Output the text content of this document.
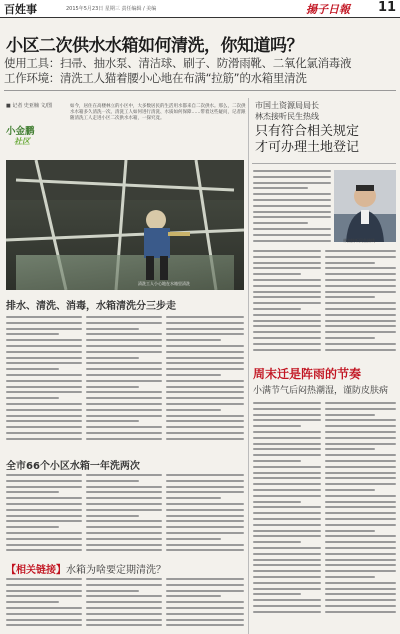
百姓事	2015年5月23日 星期三 责任编辑 / 美编	揚子日報 11
小区二次供水水箱如何清洗，你知道吗？
使用工具：扫帚、抽水泵、清洁球、刷子、防滑雨靴、二氧化氯消毒液
工作环境：清洗工人猫着腰小心地在布满“拉筋”的水箱里清洗
■ 记者 史亚楠 文/图
小金鹏
社区
如今，居住在高楼林立的小区中，大多数居民的生活用水都来自二次供水。那么，二次供水水箱多久清洗一次、清洗工人如何进行清洗、水质如何保障……带着这些疑问，记者跟随清洗工人走进小区二次供水水箱，一探究竟。
清洗工人小心地在水箱里清洗
排水、清洗、消毒，水箱清洗分三步走
全市66个小区水箱一年洗两次
【相关链接】水箱为啥要定期清洗？
市国土资源局局长
林杰接听民生热线
只有符合相关规定
才可办理土地登记
林杰接听民生热线
周末迁是阵雨的节奏
小满节气后闷热潮湿，谨防皮肤病
